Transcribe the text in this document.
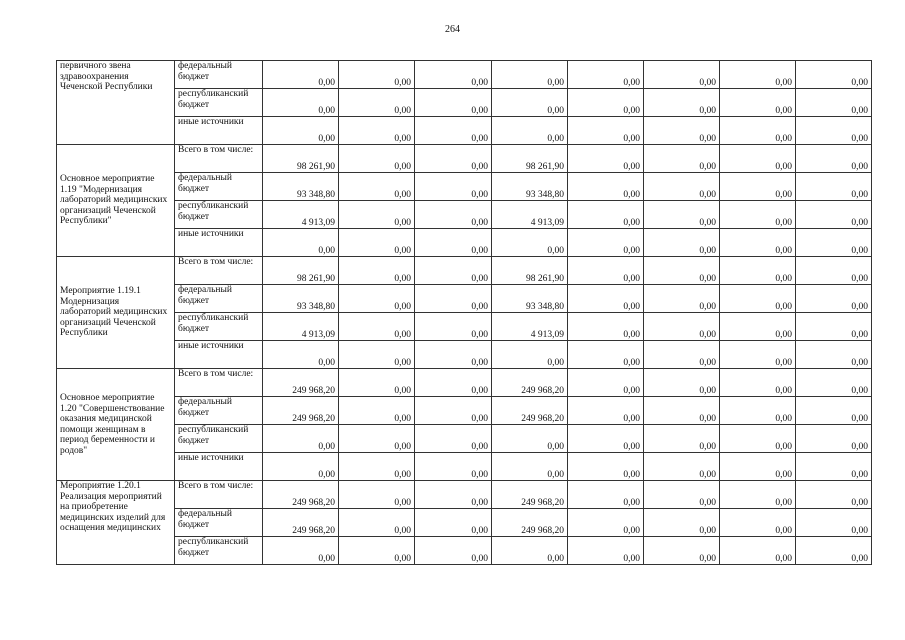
264
первичного звена здравоохранения Чеченской Республики	федеральный бюджет	0,00	0,00	0,00	0,00	0,00	0,00	0,00	0,00
	республиканский бюджет	0,00	0,00	0,00	0,00	0,00	0,00	0,00	0,00
	иные источники	0,00	0,00	0,00	0,00	0,00	0,00	0,00	0,00
Основное мероприятие 1.19 "Модернизация лабораторий медицинских организаций Чеченской Республики"	Всего в том числе:	98 261,90	0,00	0,00	98 261,90	0,00	0,00	0,00	0,00
	федеральный бюджет	93 348,80	0,00	0,00	93 348,80	0,00	0,00	0,00	0,00
	республиканский бюджет	4 913,09	0,00	0,00	4 913,09	0,00	0,00	0,00	0,00
	иные источники	0,00	0,00	0,00	0,00	0,00	0,00	0,00	0,00
Мероприятие 1.19.1 Модернизация лабораторий медицинских организаций Чеченской Республики	Всего в том числе:	98 261,90	0,00	0,00	98 261,90	0,00	0,00	0,00	0,00
	федеральный бюджет	93 348,80	0,00	0,00	93 348,80	0,00	0,00	0,00	0,00
	республиканский бюджет	4 913,09	0,00	0,00	4 913,09	0,00	0,00	0,00	0,00
	иные источники	0,00	0,00	0,00	0,00	0,00	0,00	0,00	0,00
Основное мероприятие 1.20 "Совершенствование оказания медицинской помощи женщинам в период беременности и родов"	Всего в том числе:	249 968,20	0,00	0,00	249 968,20	0,00	0,00	0,00	0,00
	федеральный бюджет	249 968,20	0,00	0,00	249 968,20	0,00	0,00	0,00	0,00
	республиканский бюджет	0,00	0,00	0,00	0,00	0,00	0,00	0,00	0,00
	иные источники	0,00	0,00	0,00	0,00	0,00	0,00	0,00	0,00
Мероприятие 1.20.1 Реализация мероприятий на приобретение медицинских изделий для оснащения медицинских	Всего в том числе:	249 968,20	0,00	0,00	249 968,20	0,00	0,00	0,00	0,00
	федеральный бюджет	249 968,20	0,00	0,00	249 968,20	0,00	0,00	0,00	0,00
	республиканский бюджет	0,00	0,00	0,00	0,00	0,00	0,00	0,00	0,00
